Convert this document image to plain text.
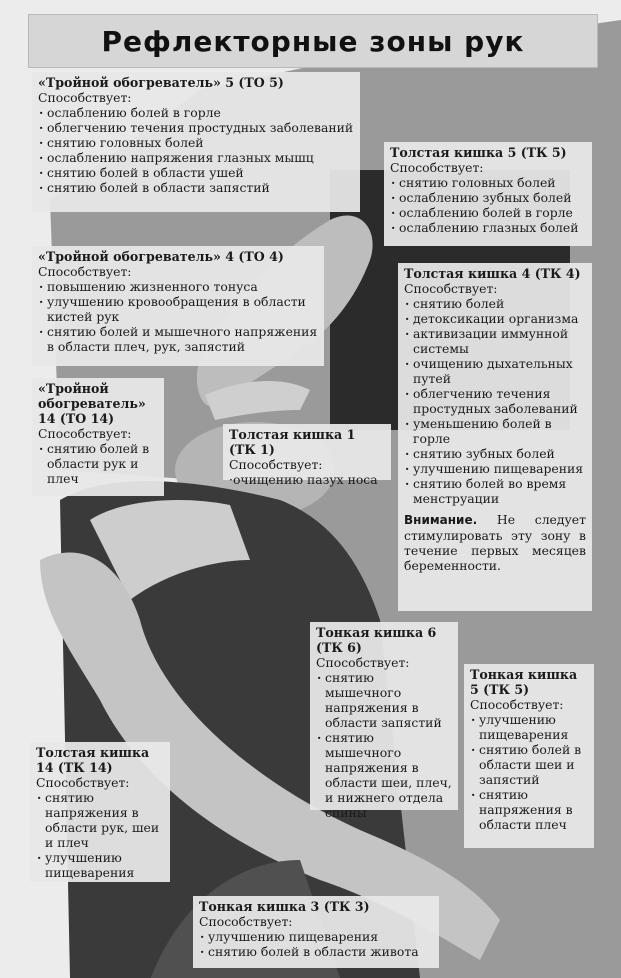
Рефлекторные зоны рук

«Тройной обогреватель» 5 (ТО 5)

Способствует:

· ослаблению болей в горле
· облегчению течения простудных заболеваний
· снятию головных болей
· ослаблению напряжения глазных мышц
· снятию болей в области ушей
· снятию болей в области запястий

Толстая кишка 5 (ТК 5)

Способствует:

· снятию головных болей
· ослаблению зубных болей
· ослаблению болей в горле
· ослаблению глазных болей

«Тройной обогреватель» 4 (ТО 4)

Способствует:

· повышению жизненного тонуса
· улучшению кровообращения в области кистей рук
· снятию болей и мышечного напряжения в области плеч, рук, запястий

Толстая кишка 4 (ТК 4)

Способствует:

· снятию болей
· детоксикации организма
· активизации иммунной системы
· очищению дыхательных путей
· облегчению течения простудных заболеваний
· уменьшению болей в горле
· снятию зубных болей
· улучшению пищеварения
· снятию болей во время менструации

Внимание. Не следует стимулировать эту зону в течение первых месяцев беременности.

«Тройной обогреватель» 14 (ТО 14)

Способствует:

· снятию болей в области рук и плеч

Толстая кишка 1 (ТК 1)

Способствует:

·очищению пазух носа

Тонкая кишка 6 (ТК 6)

Способствует:

· снятию мышечного напряжения в области запястий
· снятию мышечного напряжения в области шеи, плеч, и нижнего отдела спины

Тонкая кишка 5 (ТК 5)

Способствует:

· улучшению пищеварения
· снятию болей в области шеи и запястий
· снятию напряжения в области плеч

Толстая кишка 14 (ТК 14)

Способствует:

· снятию напряжения в области рук, шеи и плеч
· улучшению пищеварения

Тонкая кишка 3 (ТК 3)

Способствует:

· улучшению пищеварения
· снятию болей в области живота
